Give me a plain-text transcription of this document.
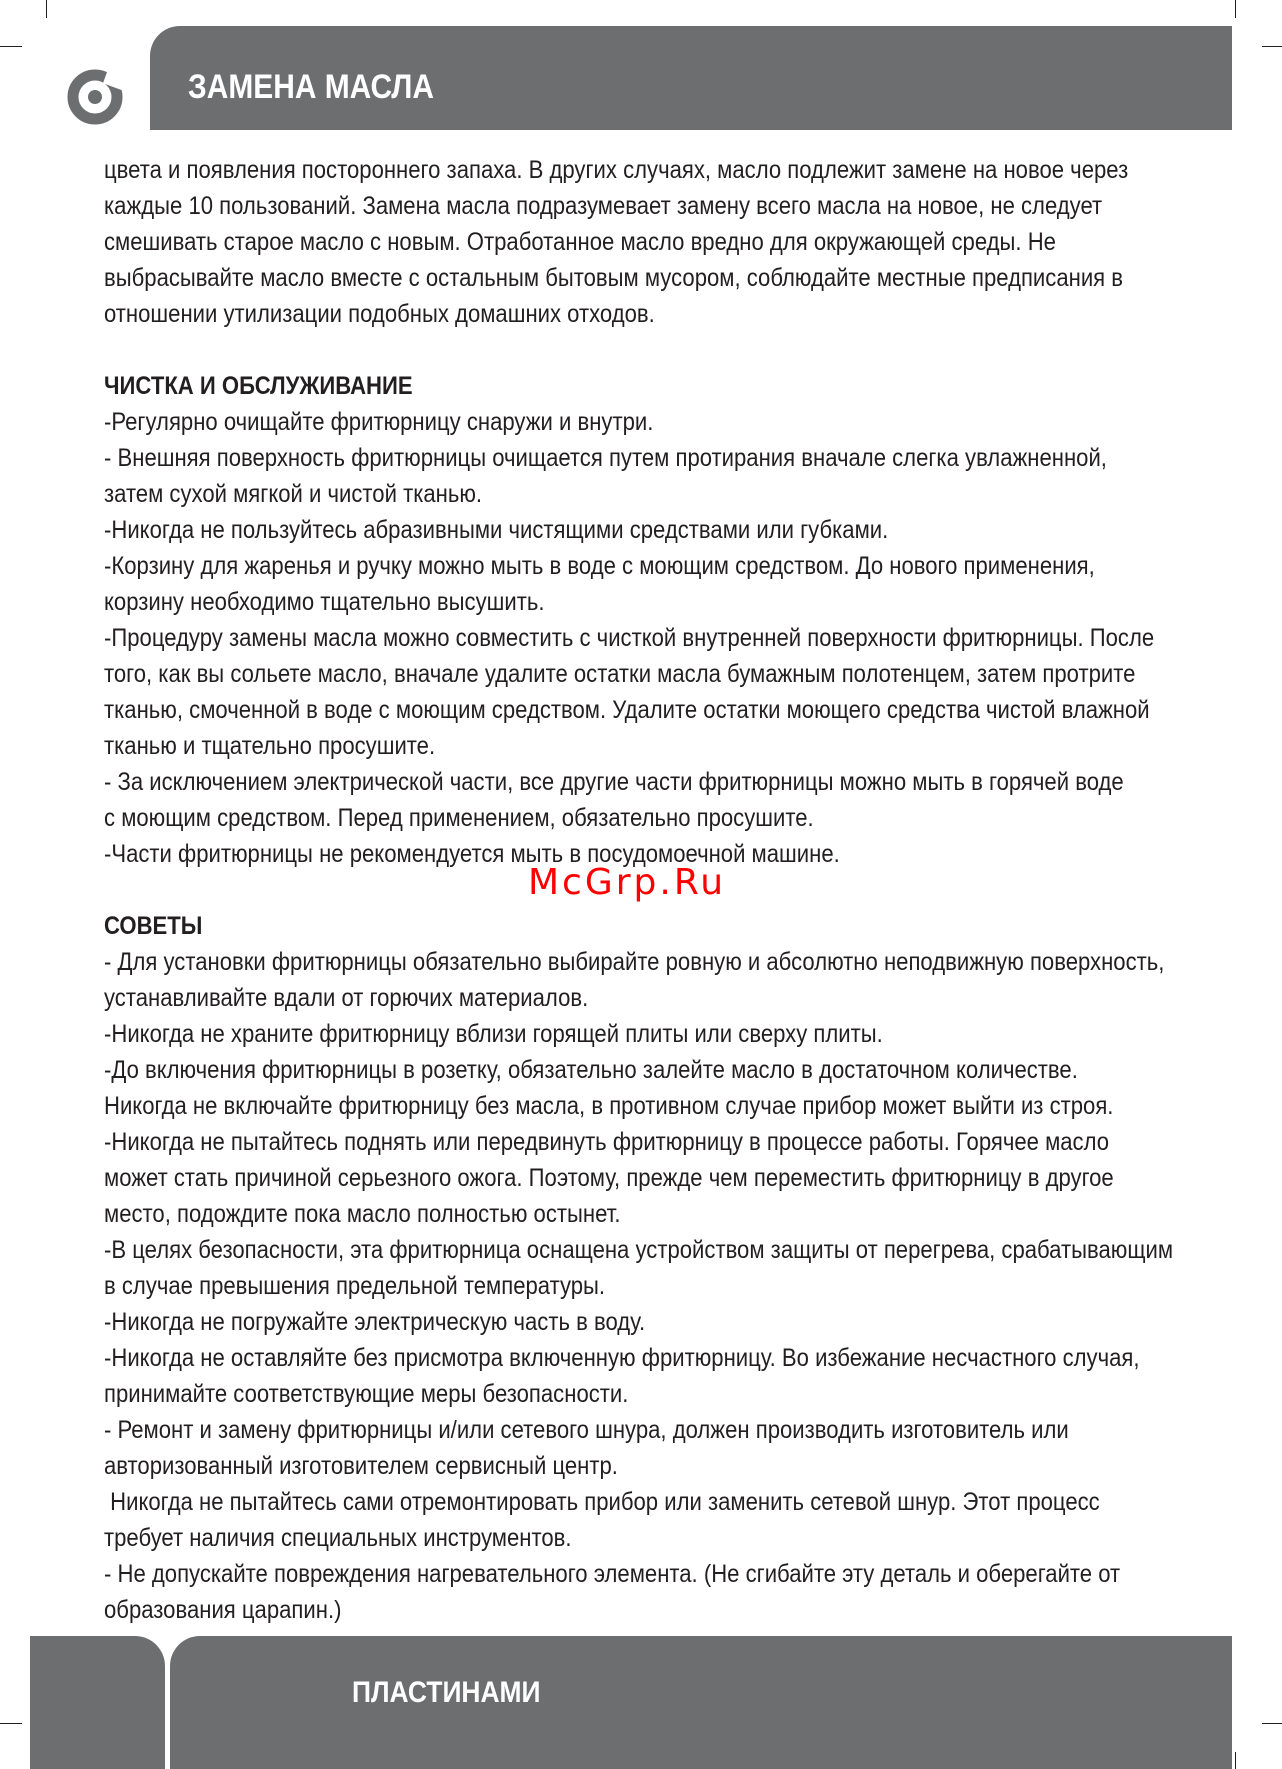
ЗАМЕНА МАСЛА

цвета и появления постороннего запаха. В других случаях, масло подлежит замене на новое через

каждые 10 пользований. Замена масла подразумевает замену всего масла на новое, не следует

смешивать старое масло с новым. Отработанное масло вредно для окружающей среды. Не

выбрасывайте масло вместе с остальным бытовым мусором, соблюдайте местные предписания в

отношении утилизации подобных домашних отходов.

ЧИСТКА И ОБСЛУЖИВАНИЕ

-Регулярно очищайте фритюрницу снаружи и внутри.

- Внешняя поверхность фритюрницы очищается путем протирания вначале слегка увлажненной,

затем сухой мягкой и чистой тканью.

-Никогда не пользуйтесь абразивными чистящими средствами или губками.

-Корзину для жаренья и ручку можно мыть в воде с моющим средством. До нового применения,

корзину необходимо тщательно высушить.

-Процедуру замены масла можно совместить с чисткой внутренней поверхности фритюрницы. После

того, как вы сольете масло, вначале удалите остатки масла бумажным полотенцем, затем протрите

тканью, смоченной в воде с моющим средством. Удалите остатки моющего средства чистой влажной

тканью и тщательно просушите.

- За исключением электрической части, все другие части фритюрницы можно мыть в горячей воде

с моющим средством. Перед применением, обязательно просушите.

-Части фритюрницы не рекомендуется мыть в посудомоечной машине.

СОВЕТЫ

- Для установки фритюрницы обязательно выбирайте ровную и абсолютно неподвижную поверхность,

устанавливайте вдали от горючих материалов.

-Никогда не храните фритюрницу вблизи горящей плиты или сверху плиты.

-До включения фритюрницы в розетку, обязательно залейте масло в достаточном количестве.

Никогда не включайте фритюрницу без масла, в противном случае прибор может выйти из строя.

-Никогда не пытайтесь поднять или передвинуть фритюрницу в процессе работы. Горячее масло

может стать причиной серьезного ожога. Поэтому, прежде чем переместить фритюрницу в другое

место, подождите пока масло полностью остынет.

-В целях безопасности, эта фритюрница оснащена устройством защиты от перегрева, срабатывающим

в случае превышения предельной температуры.

-Никогда не погружайте электрическую часть в воду.

-Никогда не оставляйте без присмотра включенную фритюрницу. Во избежание несчастного случая,

принимайте соответствующие меры безопасности.

- Ремонт и замену фритюрницы и/или сетевого шнура, должен производить изготовитель или

авторизованный изготовителем сервисный центр.

Никогда не пытайтесь сами отремонтировать прибор или заменить сетевой шнур. Этот процесс

требует наличия специальных инструментов.

- Не допускайте повреждения нагревательного элемента. (Не сгибайте эту деталь и оберегайте от

образования царапин.)

McGrp.Ru
ПЛАСТИНАМИ
